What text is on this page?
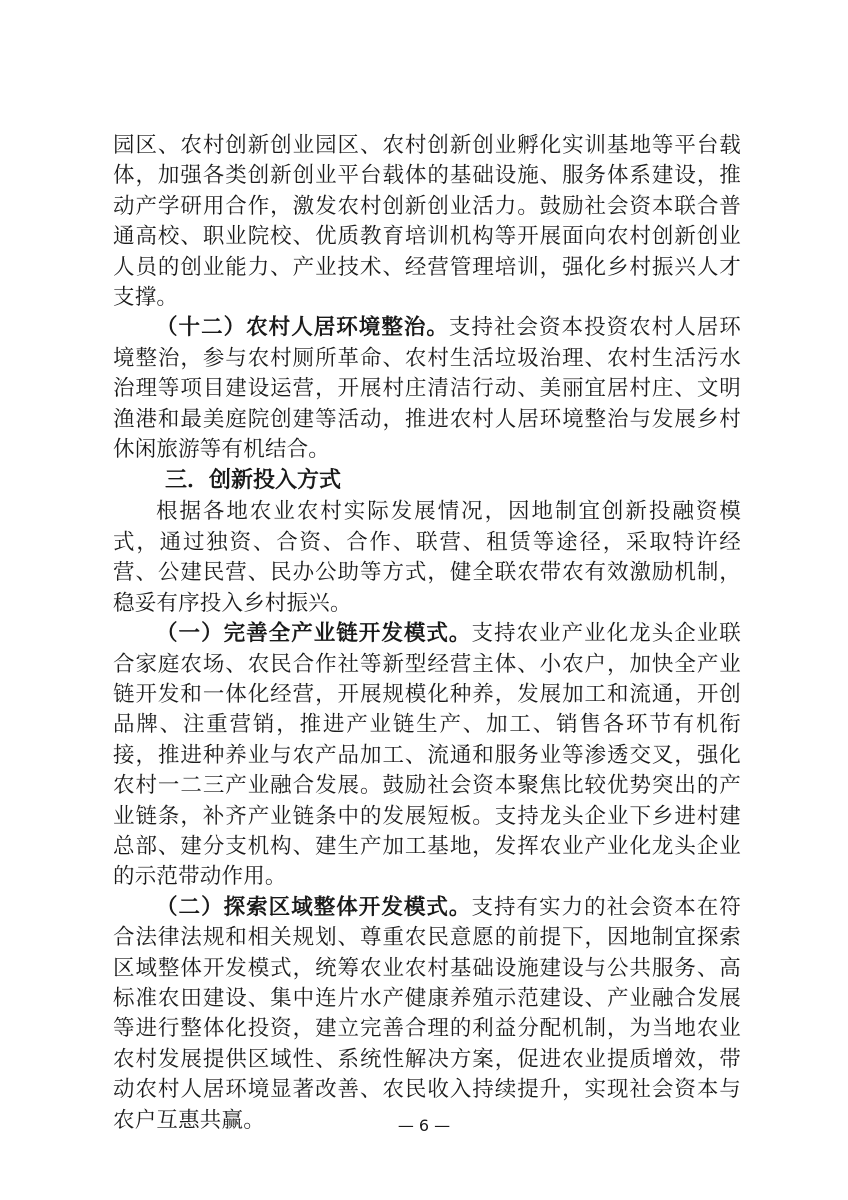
园区、农村创新创业园区、农村创新创业孵化实训基地等平台载体，加强各类创新创业平台载体的基础设施、服务体系建设，推动产学研用合作，激发农村创新创业活力。鼓励社会资本联合普通高校、职业院校、优质教育培训机构等开展面向农村创新创业人员的创业能力、产业技术、经营管理培训，强化乡村振兴人才支撑。

（十二）农村人居环境整治。支持社会资本投资农村人居环境整治，参与农村厕所革命、农村生活垃圾治理、农村生活污水治理等项目建设运营，开展村庄清洁行动、美丽宜居村庄、文明渔港和最美庭院创建等活动，推进农村人居环境整治与发展乡村休闲旅游等有机结合。

三．创新投入方式

根据各地农业农村实际发展情况，因地制宜创新投融资模式，通过独资、合资、合作、联营、租赁等途径，采取特许经营、公建民营、民办公助等方式，健全联农带农有效激励机制，稳妥有序投入乡村振兴。

（一）完善全产业链开发模式。支持农业产业化龙头企业联合家庭农场、农民合作社等新型经营主体、小农户，加快全产业链开发和一体化经营，开展规模化种养，发展加工和流通，开创品牌、注重营销，推进产业链生产、加工、销售各环节有机衔接，推进种养业与农产品加工、流通和服务业等渗透交叉，强化农村一二三产业融合发展。鼓励社会资本聚焦比较优势突出的产业链条，补齐产业链条中的发展短板。支持龙头企业下乡进村建总部、建分支机构、建生产加工基地，发挥农业产业化龙头企业的示范带动作用。

（二）探索区域整体开发模式。支持有实力的社会资本在符合法律法规和相关规划、尊重农民意愿的前提下，因地制宜探索区域整体开发模式，统筹农业农村基础设施建设与公共服务、高标准农田建设、集中连片水产健康养殖示范建设、产业融合发展等进行整体化投资，建立完善合理的利益分配机制，为当地农业农村发展提供区域性、系统性解决方案，促进农业提质增效，带动农村人居环境显著改善、农民收入持续提升，实现社会资本与农户互惠共赢。	— 6 —
